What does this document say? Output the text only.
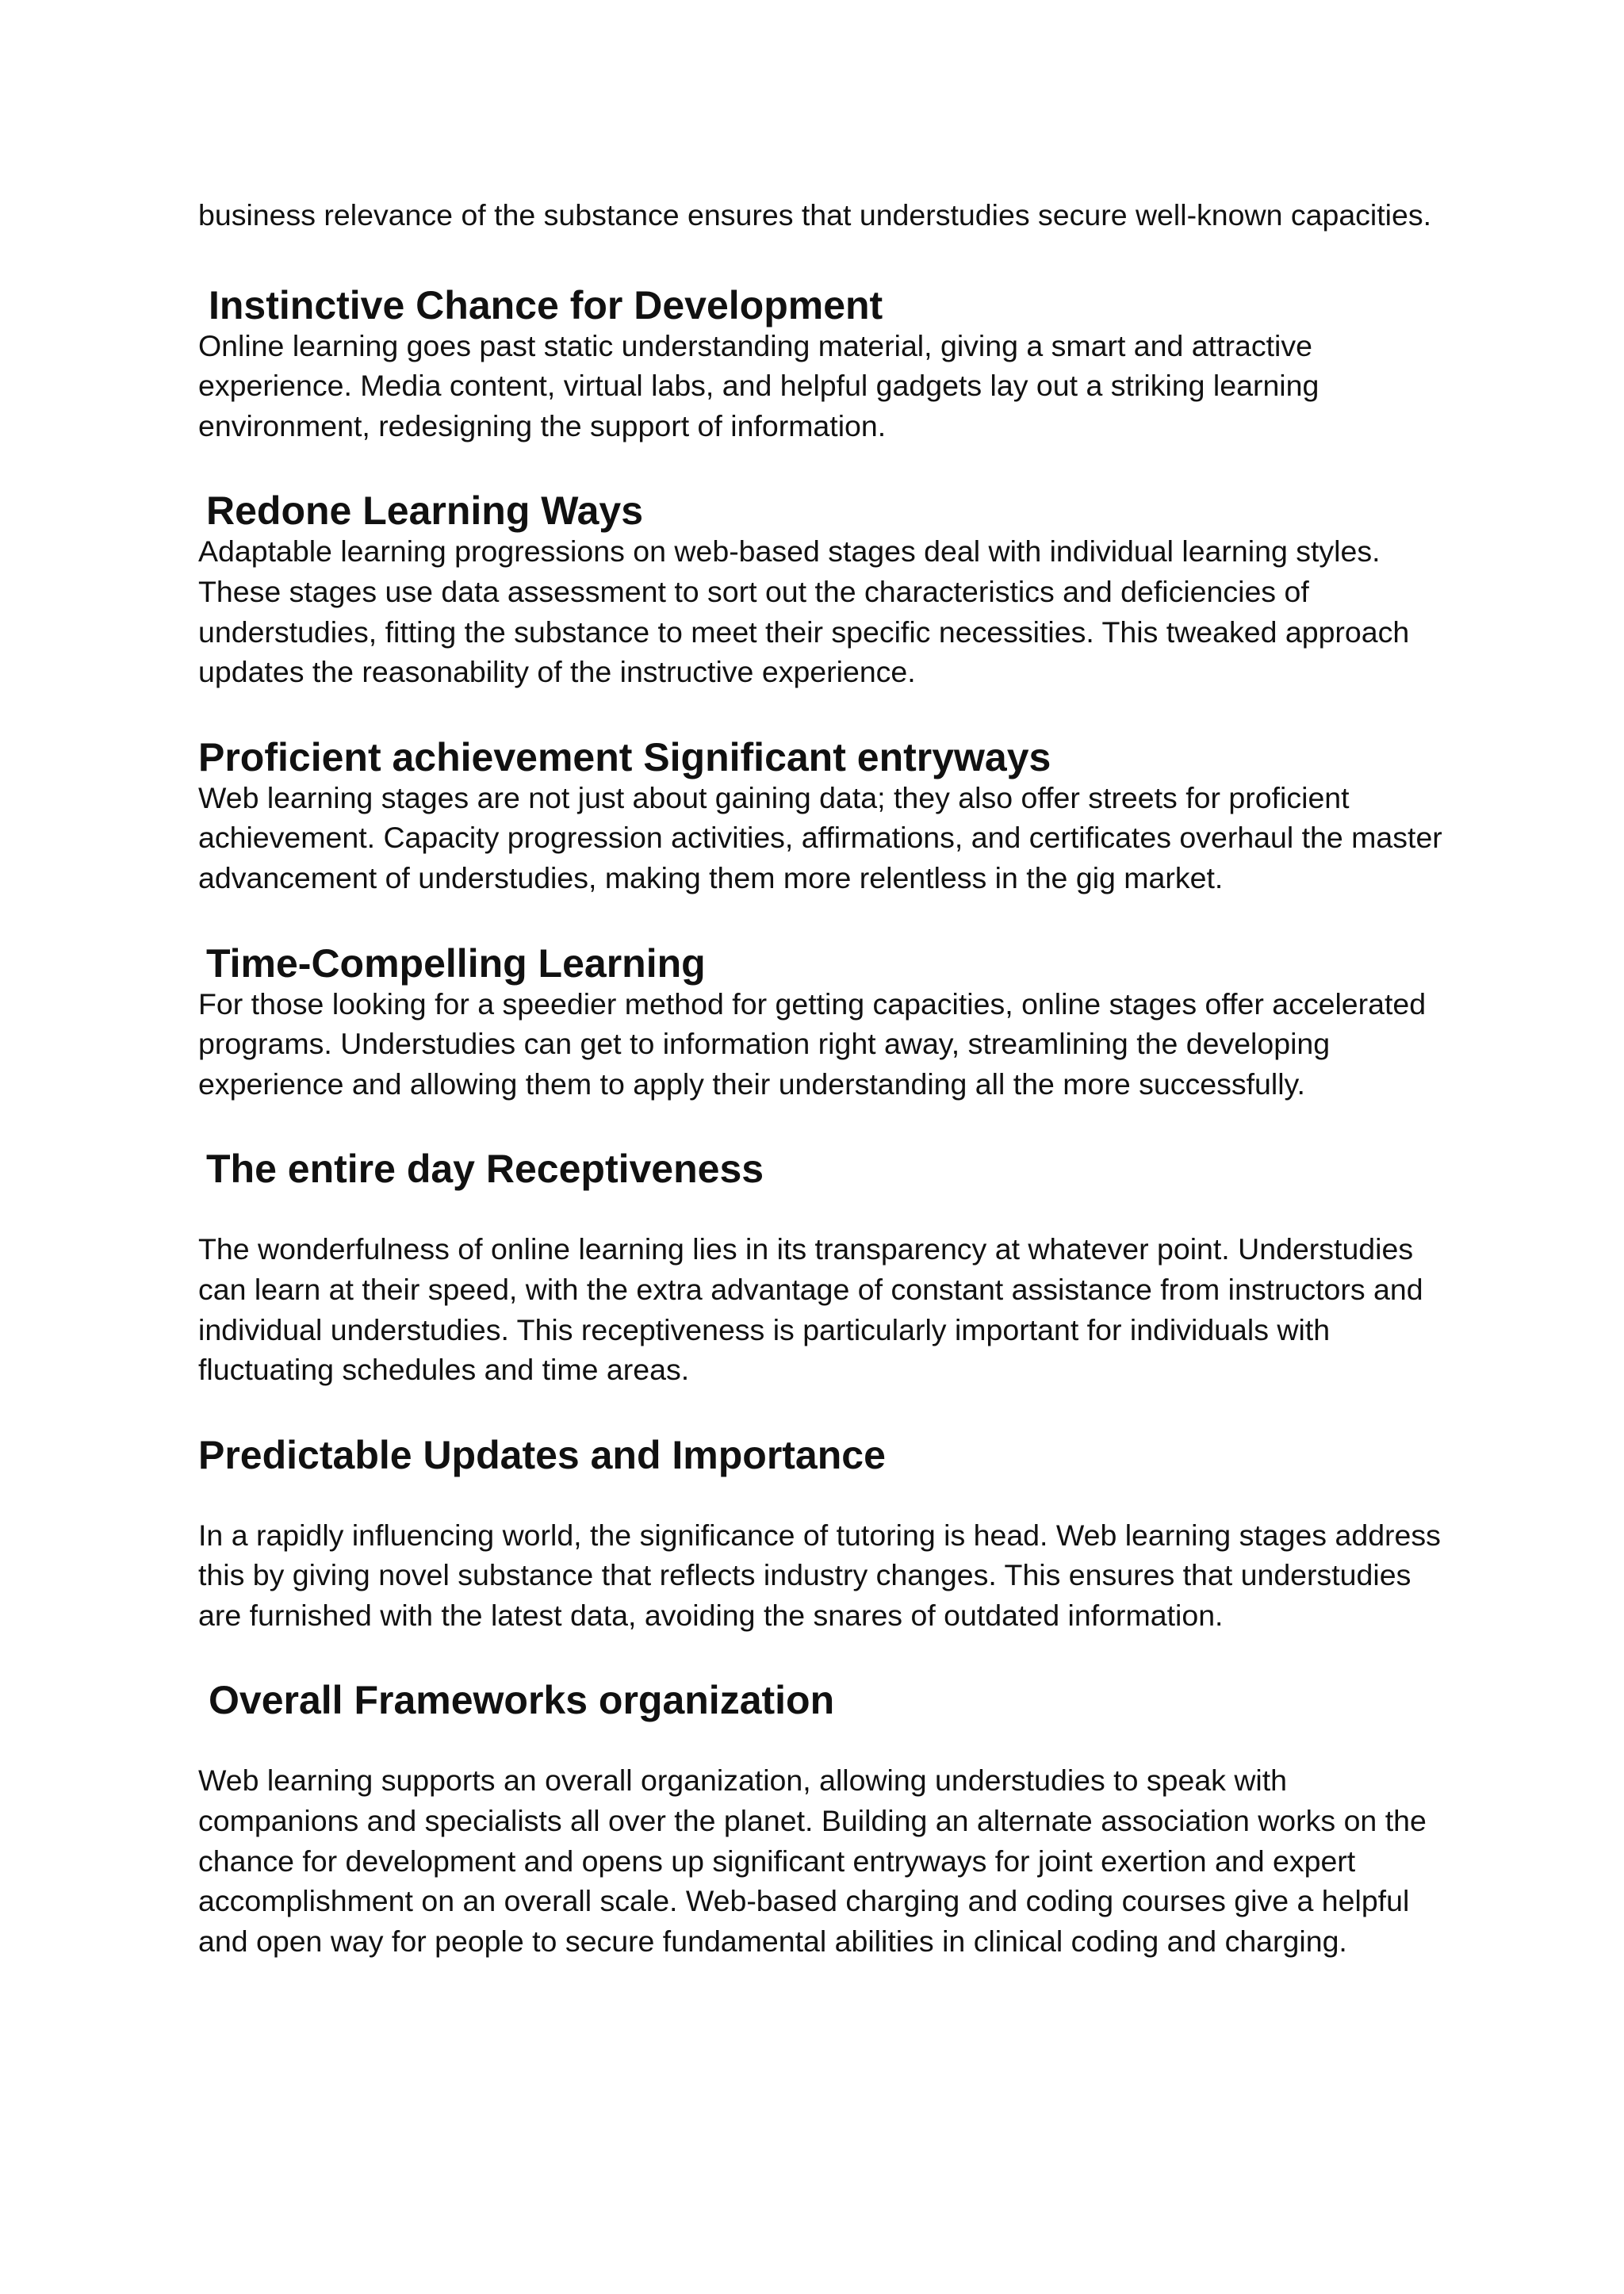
business relevance of the substance ensures that understudies secure well-known capacities.

Instinctive Chance for Development

Online learning goes past static understanding material, giving a smart and attractive experience. Media content, virtual labs, and helpful gadgets lay out a striking learning environment, redesigning the support of information.

Redone Learning Ways

Adaptable learning progressions on web-based stages deal with individual learning styles. These stages use data assessment to sort out the characteristics and deficiencies of understudies, fitting the substance to meet their specific necessities. This tweaked approach updates the reasonability of the instructive experience.

Proficient achievement Significant entryways

Web learning stages are not just about gaining data; they also offer streets for proficient achievement. Capacity progression activities, affirmations, and certificates overhaul the master advancement of understudies, making them more relentless in the gig market.

Time-Compelling Learning

For those looking for a speedier method for getting capacities, online stages offer accelerated programs. Understudies can get to information right away, streamlining the developing experience and allowing them to apply their understanding all the more successfully.

The entire day Receptiveness

The wonderfulness of online learning lies in its transparency at whatever point. Understudies can learn at their speed, with the extra advantage of constant assistance from instructors and individual understudies. This receptiveness is particularly important for individuals with fluctuating schedules and time areas.

Predictable Updates and Importance

In a rapidly influencing world, the significance of tutoring is head. Web learning stages address this by giving novel substance that reflects industry changes. This ensures that understudies are furnished with the latest data, avoiding the snares of outdated information.

Overall Frameworks organization

Web learning supports an overall organization, allowing understudies to speak with companions and specialists all over the planet. Building an alternate association works on the chance for development and opens up significant entryways for joint exertion and expert accomplishment on an overall scale. Web-based charging and coding courses give a helpful and open way for people to secure fundamental abilities in clinical coding and charging.
